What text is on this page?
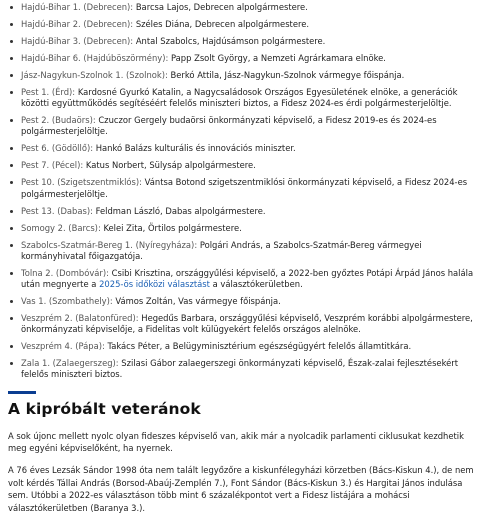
Hajdú-Bihar 1. (Debrecen): Barcsa Lajos, Debrecen alpolgármestere.
Hajdú-Bihar 2. (Debrecen): Széles Diána, Debrecen alpolgármestere.
Hajdú-Bihar 3. (Debrecen): Antal Szabolcs, Hajdúsámson polgármestere.
Hajdú-Bihar 6. (Hajdúböszörmény): Papp Zsolt György, a Nemzeti Agrárkamara elnöke.
Jász-Nagykun-Szolnok 1. (Szolnok): Berkó Attila, Jász-Nagykun-Szolnok vármegye főispánja.
Pest 1. (Érd): Kardosné Gyurkó Katalin, a Nagycsaládosok Országos Egyesületének elnöke, a generációk közötti együttműködés segítéséért felelős miniszteri biztos, a Fidesz 2024-es érdi polgármesterjelöltje.
Pest 2. (Budaörs): Czuczor Gergely budaörsi önkormányzati képviselő, a Fidesz 2019-es és 2024-es polgármesterjelöltje.
Pest 6. (Gödöllő): Hankó Balázs kulturális és innovációs miniszter.
Pest 7. (Pécel): Katus Norbert, Sülysáp alpolgármestere.
Pest 10. (Szigetszentmiklós): Vántsa Botond szigetszentmiklósi önkormányzati képviselő, a Fidesz 2024-es polgármesterjelöltje.
Pest 13. (Dabas): Feldman László, Dabas alpolgármestere.
Somogy 2. (Barcs): Kelei Zita, Örtilos polgármestere.
Szabolcs-Szatmár-Bereg 1. (Nyíregyháza): Polgári András, a Szabolcs-Szatmár-Bereg vármegyei kormányhivatal főigazgatója.
Tolna 2. (Dombóvár): Csibi Krisztina, országgyűlési képviselő, a 2022-ben győztes Potápi Árpád János halála után megnyerte a 2025-ös időközi választást a választókerületben.
Vas 1. (Szombathely): Vámos Zoltán, Vas vármegye főispánja.
Veszprém 2. (Balatonfüred): Hegedűs Barbara, országgyűlési képviselő, Veszprém korábbi alpolgármestere, önkormányzati képviselője, a Fidelitas volt külügyekért felelős országos alelnöke.
Veszprém 4. (Pápa): Takács Péter, a Belügyminisztérium egészségügyért felelős államtitkára.
Zala 1. (Zalaegerszeg): Szilasi Gábor zalaegerszegi önkormányzati képviselő, Észak-zalai fejlesztésekért felelős miniszteri biztos.
A kipróbált veteránok

A sok újonc mellett nyolc olyan fideszes képviselő van, akik már a nyolcadik parlamenti ciklusukat kezdhetik meg egyéni képviselőként, ha nyernek.

A 76 éves Lezsák Sándor 1998 óta nem talált legyőzőre a kiskunfélegyházi körzetben (Bács-Kiskun 4.), de nem volt kérdés Tállai András (Borsod-Abaúj-Zemplén 7.), Font Sándor (Bács-Kiskun 3.) és Hargitai János indulása sem. Utóbbi a 2022-es választáson több mint 6 százalékpontot vert a Fidesz listájára a mohácsi választókerületben (Baranya 3.).
